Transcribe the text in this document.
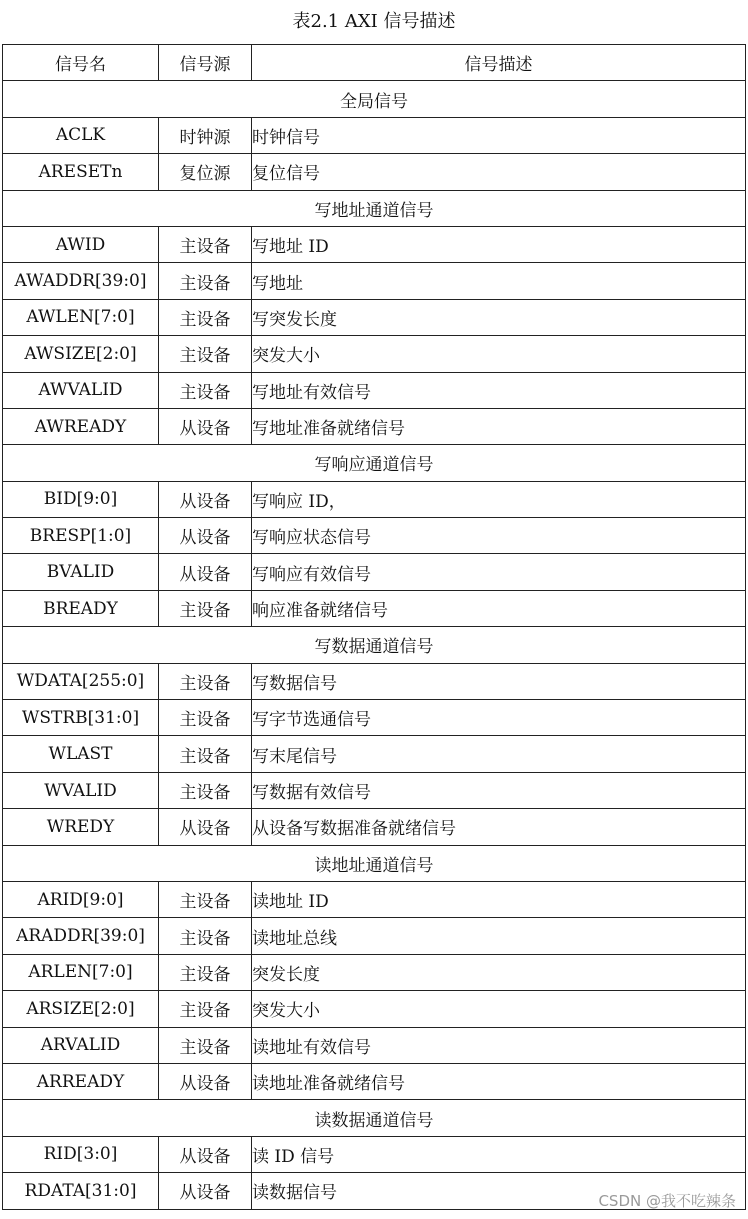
表2.1 AXI 信号描述
信号名	信号源	信号描述
全局信号		
ACLK	时钟源	时钟信号
ARESETn	复位源	复位信号
写地址通道信号		
AWID	主设备	写地址 ID
AWADDR[39:0]	主设备	写地址
AWLEN[7:0]	主设备	写突发长度
AWSIZE[2:0]	主设备	突发大小
AWVALID	主设备	写地址有效信号
AWREADY	从设备	写地址准备就绪信号
写响应通道信号		
BID[9:0]	从设备	写响应 ID，
BRESP[1:0]	从设备	写响应状态信号
BVALID	从设备	写响应有效信号
BREADY	主设备	响应准备就绪信号
写数据通道信号		
WDATA[255:0]	主设备	写数据信号
WSTRB[31:0]	主设备	写字节选通信号
WLAST	主设备	写末尾信号
WVALID	主设备	写数据有效信号
WREDY	从设备	从设备写数据准备就绪信号
读地址通道信号		
ARID[9:0]	主设备	读地址 ID
ARADDR[39:0]	主设备	读地址总线
ARLEN[7:0]	主设备	突发长度
ARSIZE[2:0]	主设备	突发大小
ARVALID	主设备	读地址有效信号
ARREADY	从设备	读地址准备就绪信号
读数据通道信号		
RID[3:0]	从设备	读 ID 信号
RDATA[31:0]	从设备	读数据信号	CSDN @我不吃辣条
